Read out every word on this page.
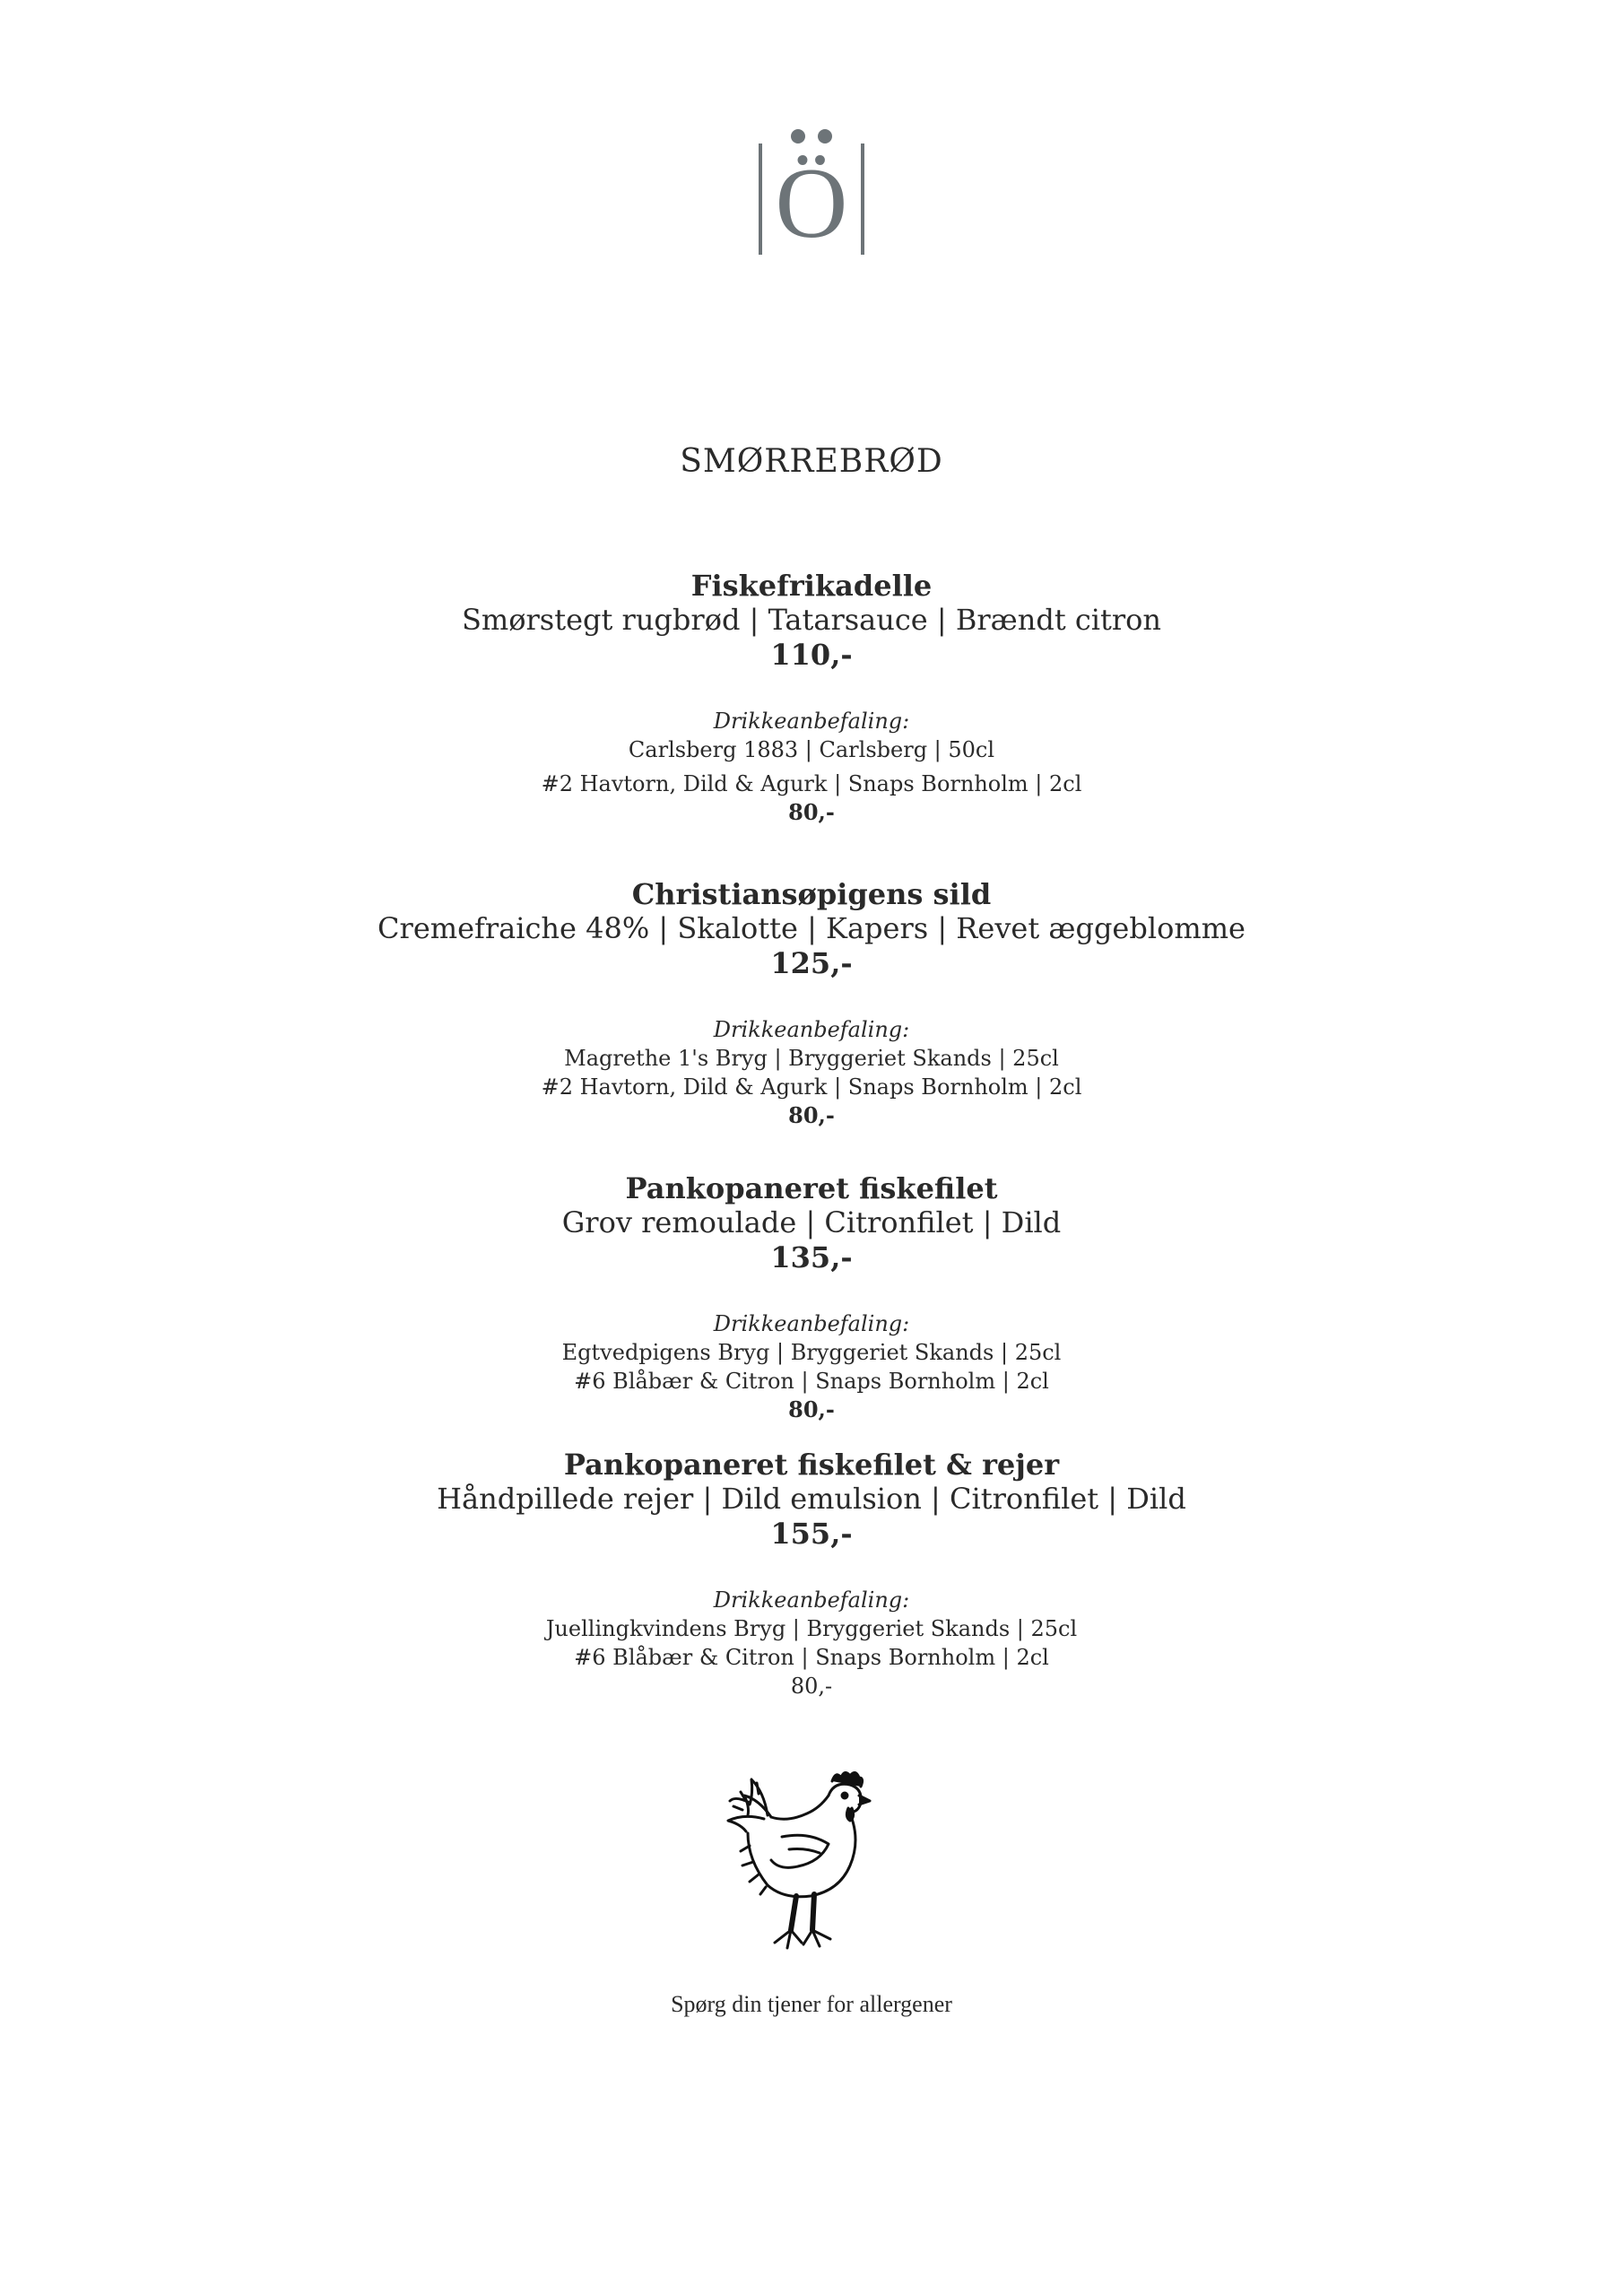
Ö
SMØRREBRØD
Fiskefrikadelle
Smørstegt rugbrød | Tatarsauce | Brændt citron
110,-
Drikkeanbefaling:
Carlsberg 1883 | Carlsberg | 50cl
#2 Havtorn, Dild & Agurk | Snaps Bornholm | 2cl
80,-
Christiansøpigens sild
Cremefraiche 48% | Skalotte | Kapers | Revet æggeblomme
125,-
Drikkeanbefaling:
Magrethe 1's Bryg | Bryggeriet Skands | 25cl
#2 Havtorn, Dild & Agurk | Snaps Bornholm | 2cl
80,-
Pankopaneret fiskefilet
Grov remoulade | Citronfilet | Dild
135,-
Drikkeanbefaling:
Egtvedpigens Bryg | Bryggeriet Skands | 25cl
#6 Blåbær & Citron | Snaps Bornholm | 2cl
80,-
Pankopaneret fiskefilet & rejer
Håndpillede rejer | Dild emulsion | Citronfilet | Dild
155,-
Drikkeanbefaling:
Juellingkvindens Bryg | Bryggeriet Skands | 25cl
#6 Blåbær & Citron | Snaps Bornholm | 2cl
80,-
Spørg din tjener for allergener
